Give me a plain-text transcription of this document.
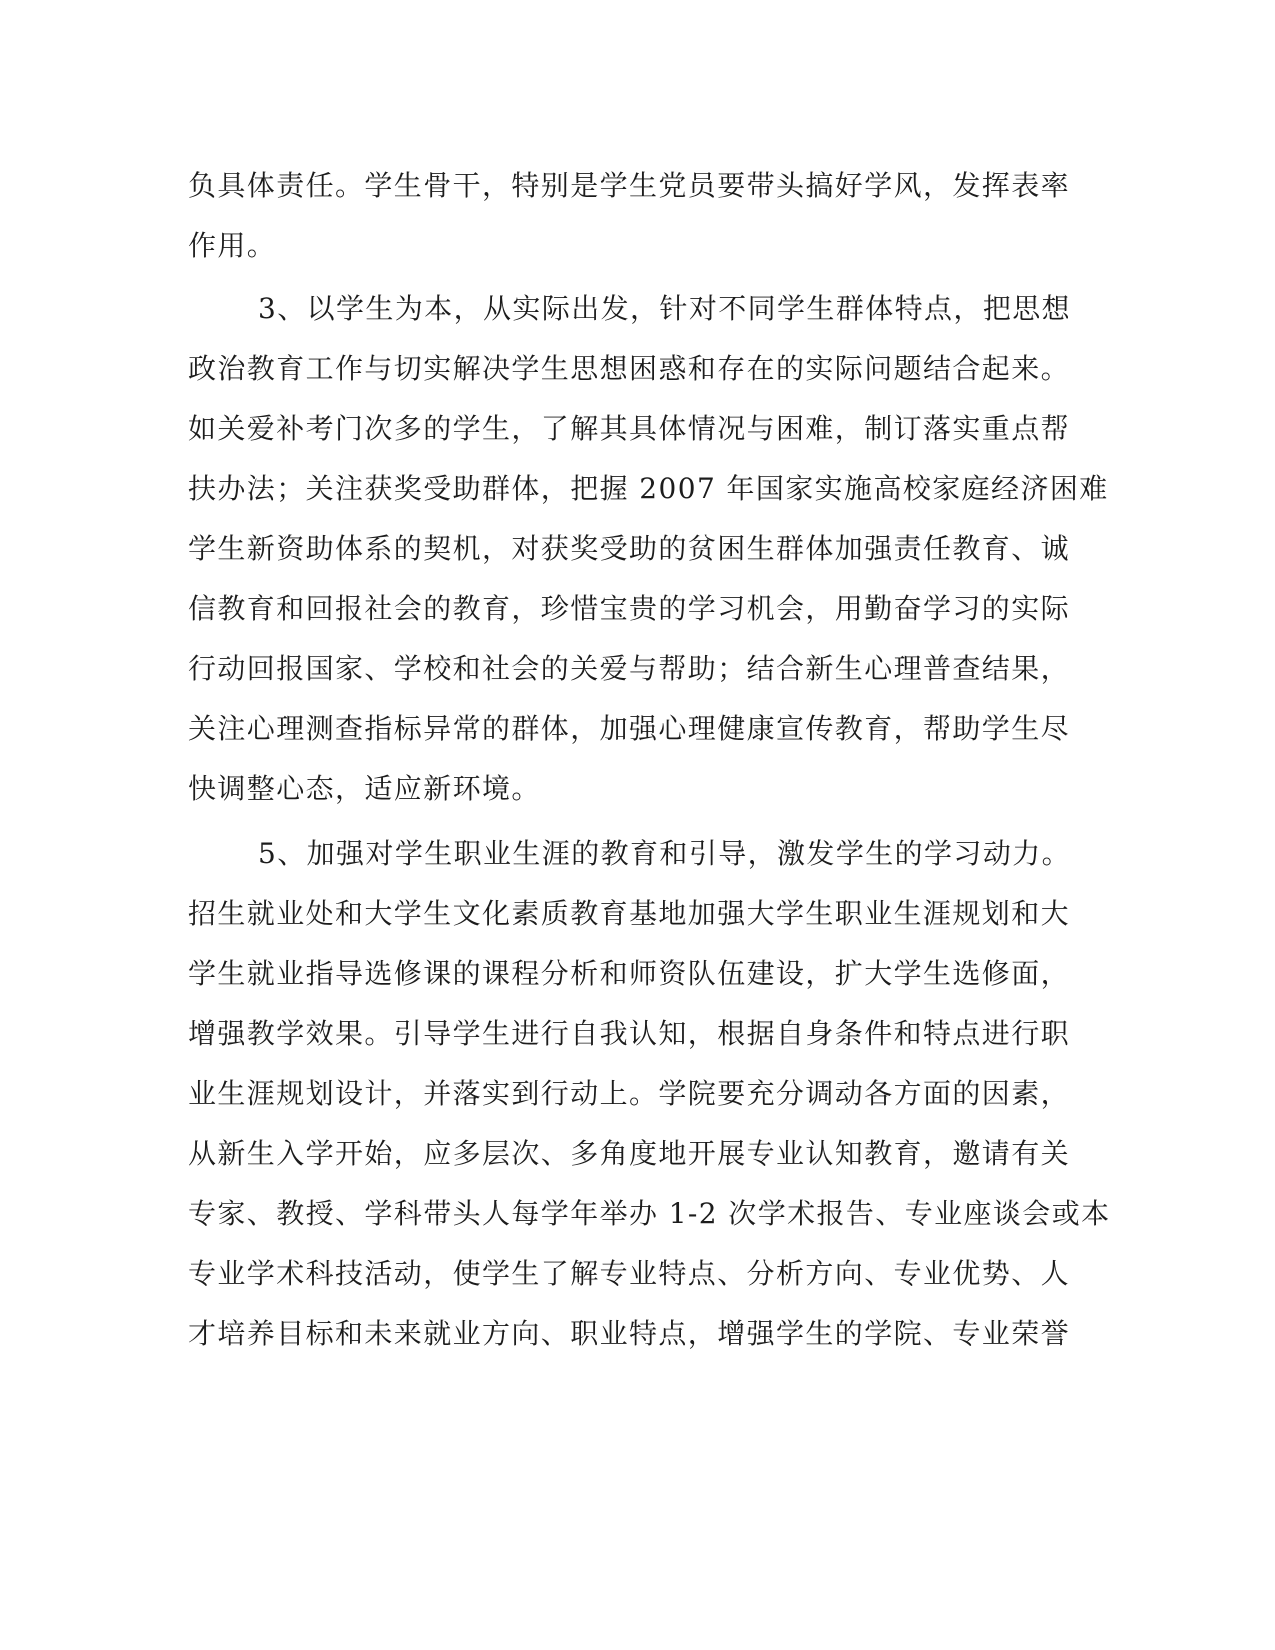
负具体责任。学生骨干，特别是学生党员要带头搞好学风，发挥表率
作用。
3、以学生为本，从实际出发，针对不同学生群体特点，把思想
政治教育工作与切实解决学生思想困惑和存在的实际问题结合起来。
如关爱补考门次多的学生，了解其具体情况与困难，制订落实重点帮
扶办法；关注获奖受助群体，把握 2007 年国家实施高校家庭经济困难
学生新资助体系的契机，对获奖受助的贫困生群体加强责任教育、诚
信教育和回报社会的教育，珍惜宝贵的学习机会，用勤奋学习的实际
行动回报国家、学校和社会的关爱与帮助；结合新生心理普查结果，
关注心理测查指标异常的群体，加强心理健康宣传教育，帮助学生尽
快调整心态，适应新环境。
5、加强对学生职业生涯的教育和引导，激发学生的学习动力。
招生就业处和大学生文化素质教育基地加强大学生职业生涯规划和大
学生就业指导选修课的课程分析和师资队伍建设，扩大学生选修面，
增强教学效果。引导学生进行自我认知，根据自身条件和特点进行职
业生涯规划设计，并落实到行动上。学院要充分调动各方面的因素，
从新生入学开始，应多层次、多角度地开展专业认知教育，邀请有关
专家、教授、学科带头人每学年举办 1-2 次学术报告、专业座谈会或本
专业学术科技活动，使学生了解专业特点、分析方向、专业优势、人
才培养目标和未来就业方向、职业特点，增强学生的学院、专业荣誉
